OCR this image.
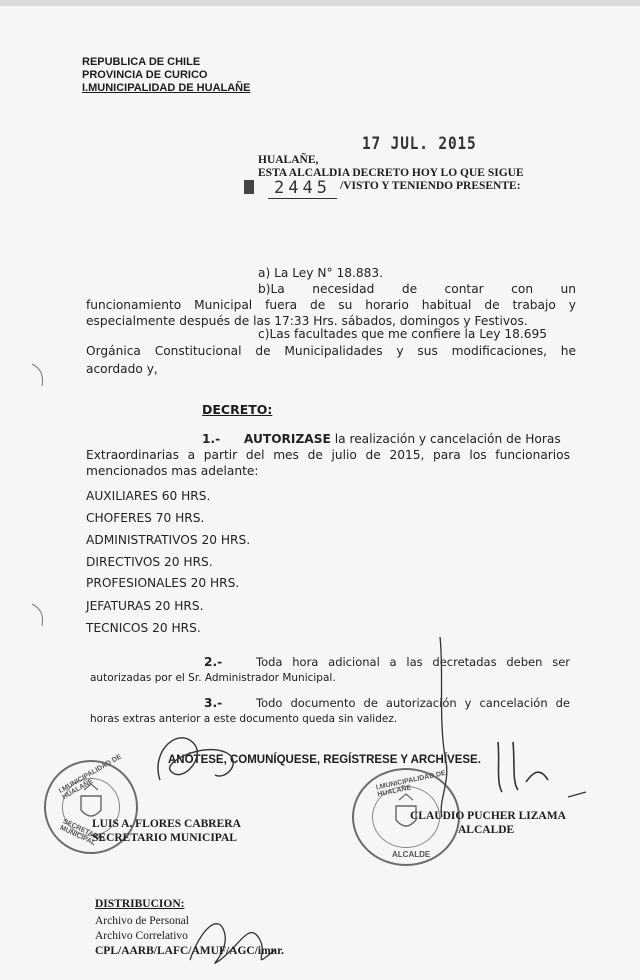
REPUBLICA DE CHILE
PROVINCIA DE CURICO
I.MUNICIPALIDAD DE HUALAÑE
17 JUL. 2015
HUALAÑE,
ESTA ALCALDIA DECRETO HOY LO QUE SIGUE
2445 /VISTO Y TENIENDO PRESENTE:
a) La Ley N° 18.883.
b)La necesidad de contar con un
funcionamiento Municipal fuera de su horario habitual de trabajo y
especialmente después de las 17:33 Hrs. sábados, domingos y Festivos.
c)Las facultades que me confiere la Ley 18.695
Orgánica Constitucional de Municipalidades y sus modificaciones, he
acordado y,
DECRETO:
1.- AUTORIZASE la realización y cancelación de Horas
Extraordinarias a partir del mes de julio de 2015, para los funcionarios
mencionados mas adelante:
AUXILIARES 60 HRS.
CHOFERES 70 HRS.
ADMINISTRATIVOS 20 HRS.
DIRECTIVOS 20 HRS.
PROFESIONALES 20 HRS.
JEFATURAS 20 HRS.
TECNICOS 20 HRS.
2.-	Toda hora adicional a las decretadas deben ser
autorizadas por el Sr. Administrador Municipal.
3.-	Todo documento de autorización y cancelación de
horas extras anterior a este documento queda sin validez.
ANÓTESE, COMUNÍQUESE, REGÍSTRESE Y ARCHÍVESE.
I.MUNICIPALIDAD DE HUALAÑE
SECRETARIO MUNICIPAL
I.MUNICIPALIDAD DE HUALAÑE
ALCALDE
LUIS A. FLORES CABRERA
SECRETARIO MUNICIPAL
CLAUDIO PUCHER LIZAMA
ALCALDE
DISTRIBUCION:
Archivo de Personal
Archivo Correlativo
CPL/AARB/LAFC/AMUF/AGC/imnr.
